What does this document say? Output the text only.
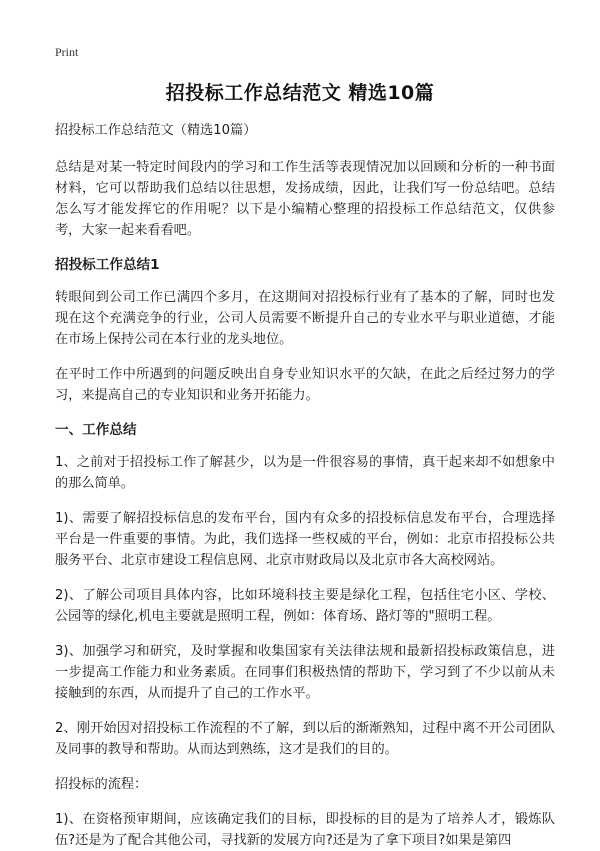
Print
招投标工作总结范文 精选10篇

招投标工作总结范文（精选10篇）

总结是对某一特定时间段内的学习和工作生活等表现情况加以回顾和分析的一种书面材料，它可以帮助我们总结以往思想，发扬成绩，因此，让我们写一份总结吧。总结怎么写才能发挥它的作用呢？以下是小编精心整理的招投标工作总结范文，仅供参考，大家一起来看看吧。

招投标工作总结1

转眼间到公司工作已满四个多月，在这期间对招投标行业有了基本的了解，同时也发现在这个充满竞争的行业，公司人员需要不断提升自己的专业水平与职业道德，才能在市场上保持公司在本行业的龙头地位。

在平时工作中所遇到的问题反映出自身专业知识水平的欠缺，在此之后经过努力的学习，来提高自己的专业知识和业务开拓能力。

一、工作总结

1、之前对于招投标工作了解甚少，以为是一件很容易的事情，真干起来却不如想象中的那么简单。

1)、需要了解招投标信息的发布平台，国内有众多的招投标信息发布平台，合理选择平台是一件重要的事情。为此，我们选择一些权威的平台，例如：北京市招投标公共服务平台、北京市建设工程信息网、北京市财政局以及北京市各大高校网站。

2)、了解公司项目具体内容，比如环境科技主要是绿化工程，包括住宅小区、学校、公园等的绿化,机电主要就是照明工程，例如：体育场、路灯等的"照明工程。

3)、加强学习和研究，及时掌握和收集国家有关法律法规和最新招投标政策信息，进一步提高工作能力和业务素质。在同事们积极热情的帮助下，学习到了不少以前从未接触到的东西，从而提升了自己的工作水平。

2、刚开始因对招投标工作流程的不了解，到以后的渐渐熟知，过程中离不开公司团队及同事的教导和帮助。从而达到熟练，这才是我们的目的。

招投标的流程：

1)、在资格预审期间，应该确定我们的目标，即投标的目的是为了培养人才，锻炼队伍?还是为了配合其他公司，寻找新的发展方向?还是为了拿下项目?如果是第四
